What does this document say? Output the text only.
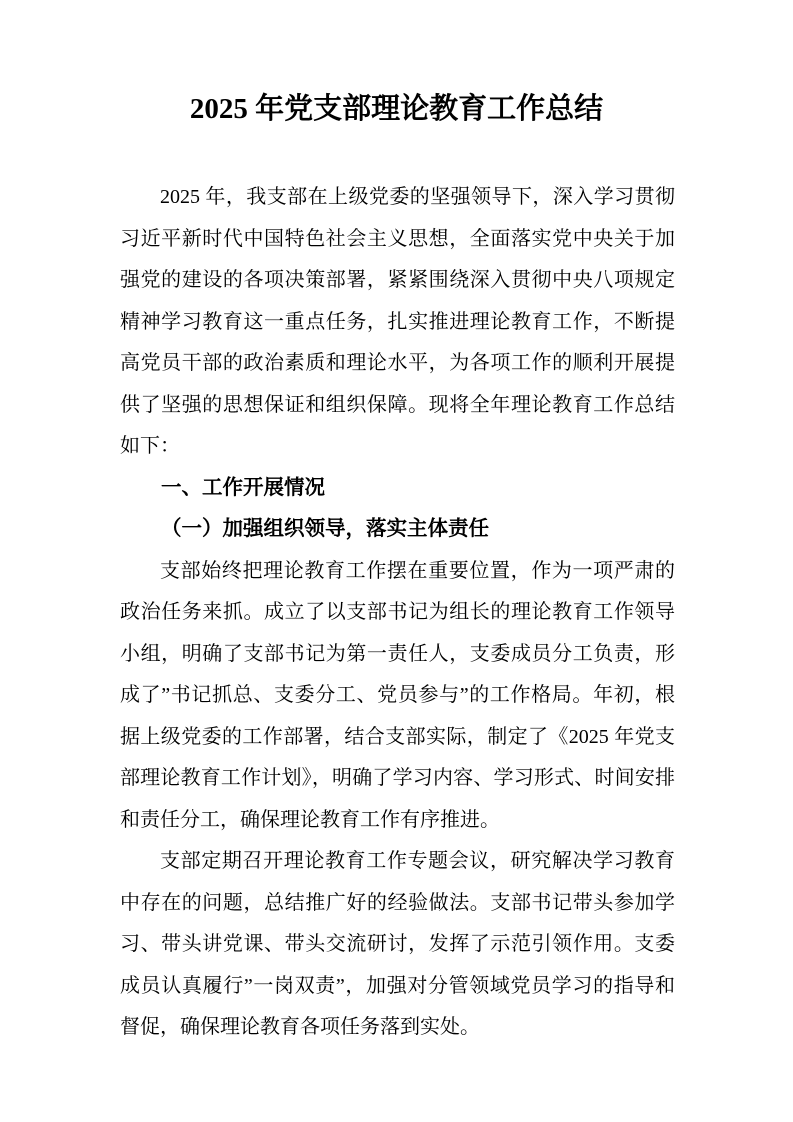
2025 年党支部理论教育工作总结

2025 年，我支部在上级党委的坚强领导下，深入学习贯彻习近平新时代中国特色社会主义思想，全面落实党中央关于加强党的建设的各项决策部署，紧紧围绕深入贯彻中央八项规定精神学习教育这一重点任务，扎实推进理论教育工作，不断提高党员干部的政治素质和理论水平，为各项工作的顺利开展提供了坚强的思想保证和组织保障。现将全年理论教育工作总结如下：

一、工作开展情况
（一）加强组织领导，落实主体责任

支部始终把理论教育工作摆在重要位置，作为一项严肃的政治任务来抓。成立了以支部书记为组长的理论教育工作领导小组，明确了支部书记为第一责任人，支委成员分工负责，形成了”书记抓总、支委分工、党员参与”的工作格局。年初，根据上级党委的工作部署，结合支部实际，制定了《2025 年党支部理论教育工作计划》，明确了学习内容、学习形式、时间安排和责任分工，确保理论教育工作有序推进。

支部定期召开理论教育工作专题会议，研究解决学习教育中存在的问题，总结推广好的经验做法。支部书记带头参加学习、带头讲党课、带头交流研讨，发挥了示范引领作用。支委成员认真履行”一岗双责”，加强对分管领域党员学习的指导和督促，确保理论教育各项任务落到实处。
